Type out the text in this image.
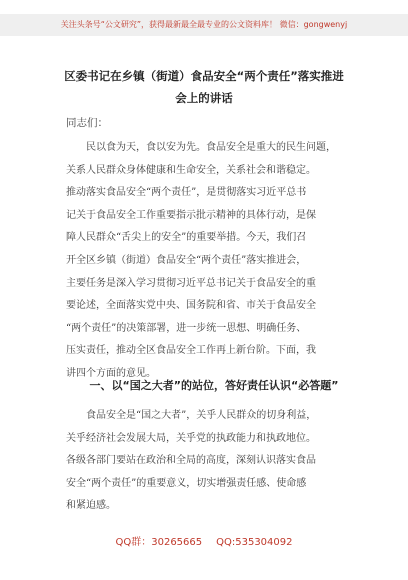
关注头条号“公文研究”，获得最新最全最专业的公文资料库！ 微信：gongwenyj
区委书记在乡镇（街道）食品安全“两个责任”落实推进
会上的讲话
同志们：
民以食为天，食以安为先。食品安全是重大的民生问题，
关系人民群众身体健康和生命安全，关系社会和谐稳定。
推动落实食品安全“两个责任”，是贯彻落实习近平总书
记关于食品安全工作重要指示批示精神的具体行动，是保
障人民群众“舌尖上的安全”的重要举措。今天，我们召
开全区乡镇（街道）食品安全“两个责任”落实推进会，
主要任务是深入学习贯彻习近平总书记关于食品安全的重
要论述，全面落实党中央、国务院和省、市关于食品安全
“两个责任”的决策部署，进一步统一思想、明确任务、
压实责任，推动全区食品安全工作再上新台阶。下面，我
讲四个方面的意见。
一、以“国之大者”的站位，答好责任认识“必答题”
食品安全是“国之大者”，关乎人民群众的切身利益，
关乎经济社会发展大局，关乎党的执政能力和执政地位。
各级各部门要站在政治和全局的高度，深刻认识落实食品
安全“两个责任”的重要意义，切实增强责任感、使命感
和紧迫感。
QQ群：30265665 QQ:535304092
